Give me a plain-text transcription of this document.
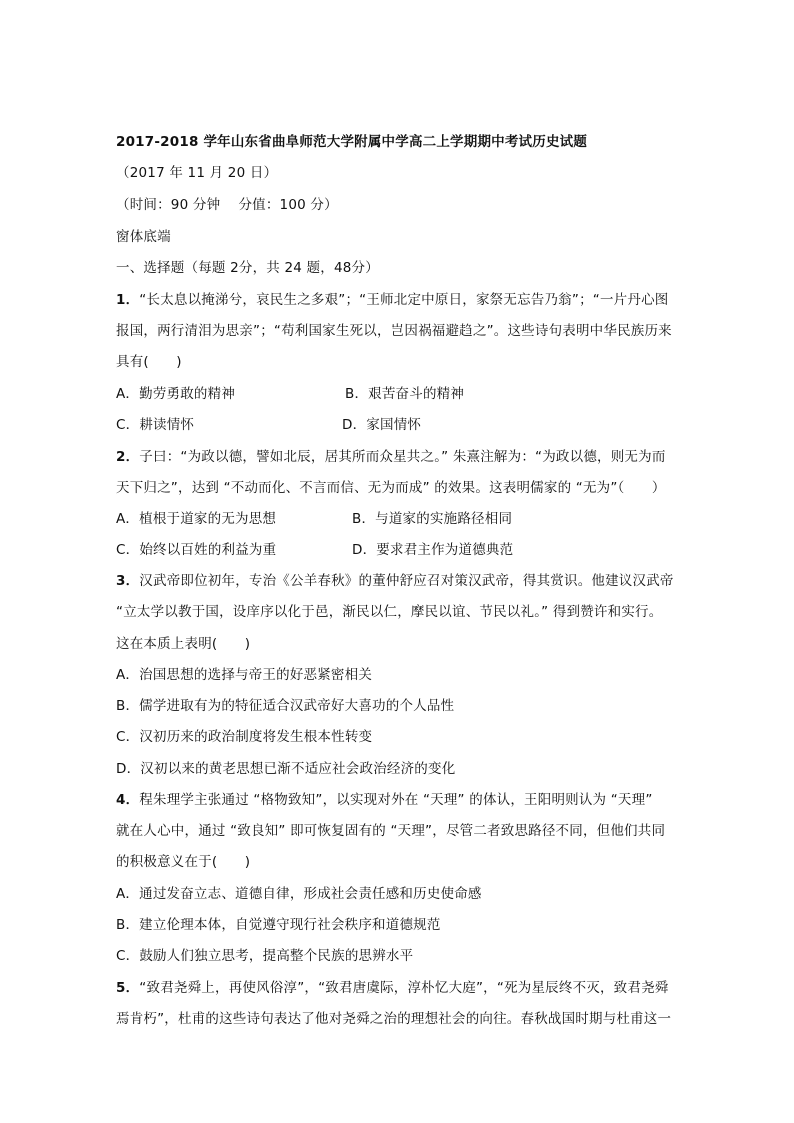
2017-2018 学年山东省曲阜师范大学附属中学高二上学期期中考试历史试题
（2017 年 11 月 20 日）
（时间：90 分钟　 分值：100 分）
窗体底端
一、选择题（每题 2分，共 24 题，48分）
1．“长太息以掩涕兮，哀民生之多艰”；“王师北定中原日，家祭无忘告乃翁”；“一片丹心图
报国，两行清泪为思亲”；“苟利国家生死以，岂因祸福避趋之”。这些诗句表明中华民族历来
具有(　　)
A．勤劳勇敢的精神	B．艰苦奋斗的精神
C．耕读情怀	D．家国情怀
2．子曰：“为政以德，譬如北辰，居其所而众星共之。” 朱熹注解为：“为政以德，则无为而
天下归之”，达到 “不动而化、不言而信、无为而成” 的效果。这表明儒家的 “无为”（　　）
A．植根于道家的无为思想	B．与道家的实施路径相同
C．始终以百姓的利益为重	D．要求君主作为道德典范
3．汉武帝即位初年，专治《公羊春秋》的董仲舒应召对策汉武帝，得其赏识。他建议汉武帝
“立太学以教于国，设庠序以化于邑，渐民以仁，摩民以谊、节民以礼。” 得到赞许和实行。
这在本质上表明(　　)
A．治国思想的选择与帝王的好恶紧密相关
B．儒学进取有为的特征适合汉武帝好大喜功的个人品性
C．汉初历来的政治制度将发生根本性转变
D．汉初以来的黄老思想已渐不适应社会政治经济的变化
4．程朱理学主张通过 “格物致知”，以实现对外在 “天理” 的体认，王阳明则认为 “天理”
就在人心中，通过 “致良知” 即可恢复固有的 “天理”，尽管二者致思路径不同，但他们共同
的积极意义在于(　　)
A．通过发奋立志、道德自律，形成社会责任感和历史使命感
B．建立伦理本体，自觉遵守现行社会秩序和道德规范
C．鼓励人们独立思考，提高整个民族的思辨水平
5．“致君尧舜上，再使风俗淳”，“致君唐虞际，淳朴忆大庭”，“死为星辰终不灭，致君尧舜
焉肯朽”，杜甫的这些诗句表达了他对尧舜之治的理想社会的向往。春秋战国时期与杜甫这一
